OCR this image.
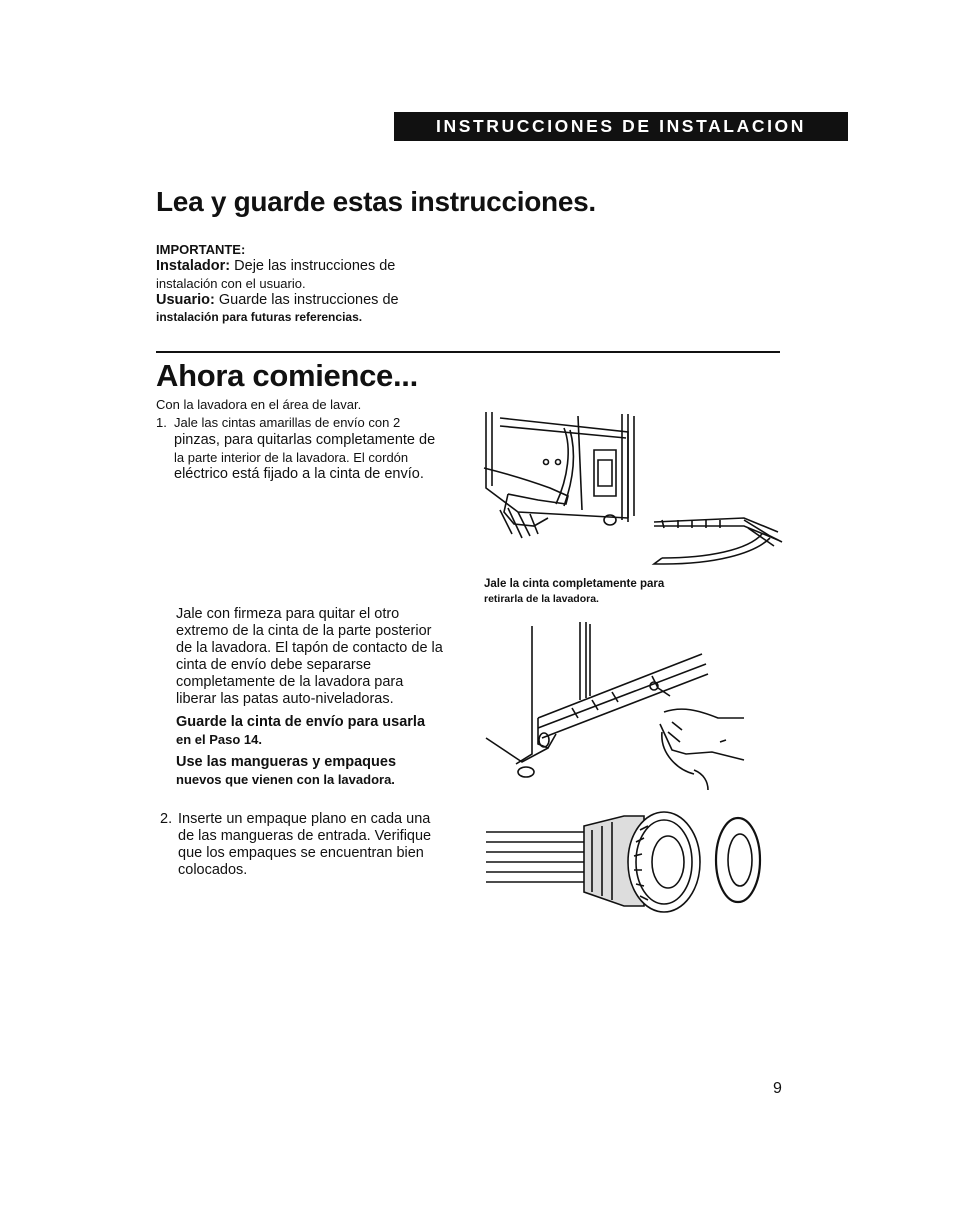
INSTRUCCIONES DE INSTALACION
Lea y guarde estas instrucciones.
IMPORTANTE:
Instalador: Deje las instrucciones de
instalación con el usuario.
Usuario: Guarde las instrucciones de
instalación para futuras referencias.
Ahora comience...
Con la lavadora en el área de lavar.
1. Jale las cintas amarillas de envío con 2
pinzas, para quitarlas completamente de
la parte interior de la lavadora. El cordón
eléctrico está fijado a la cinta de envío.
Jale la cinta completamente para
retirarla de la lavadora.
Jale con firmeza para quitar el otro
extremo de la cinta de la parte posterior
de la lavadora. El tapón de contacto de la
cinta de envío debe separarse
completamente de la lavadora para
liberar las patas auto-niveladoras.
Guarde la cinta de envío para usarla
en el Paso 14.
Use las mangueras y empaques
nuevos que vienen con la lavadora.
2. Inserte un empaque plano en cada una
de las mangueras de entrada. Verifique
que los empaques se encuentran bien
colocados.
9
